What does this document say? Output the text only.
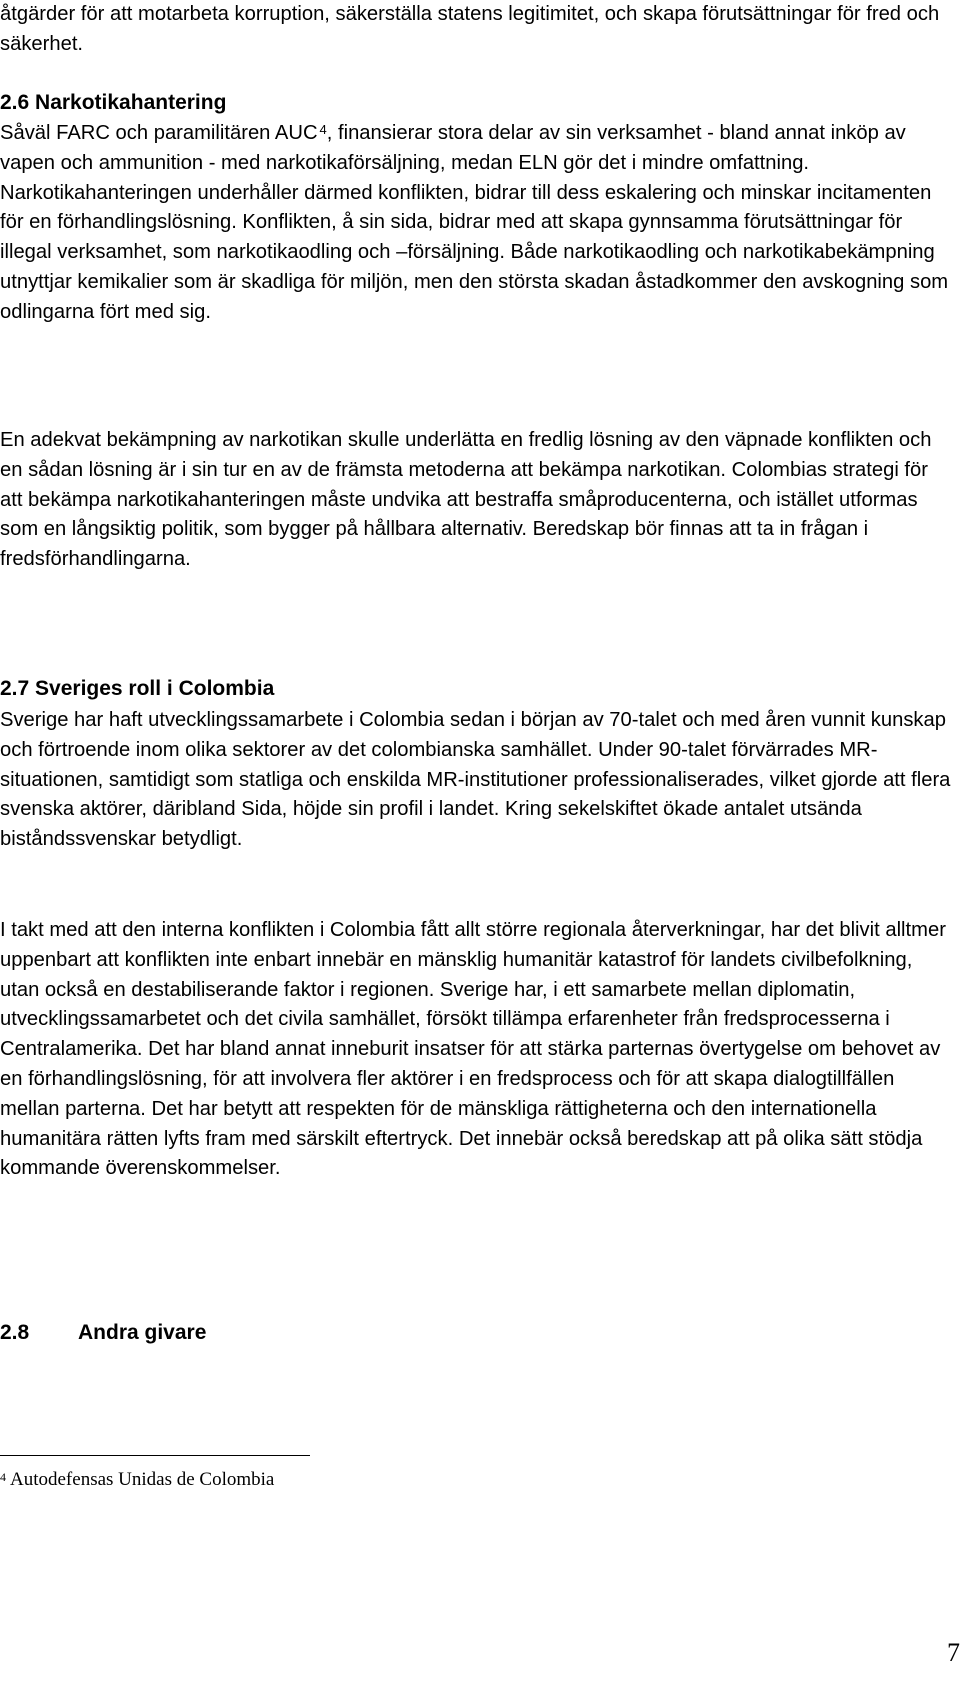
åtgärder för att motarbeta korruption, säkerställa statens legitimitet, och skapa förutsättningar för fred och säkerhet.

2.6 Narkotikahantering

Såväl FARC och paramilitären AUC $^4$, finansierar stora delar av sin verksamhet - bland annat inköp av vapen och ammunition - med narkotikaförsäljning, medan ELN gör det i mindre omfattning. Narkotikahanteringen underhåller därmed konflikten, bidrar till dess eskalering och minskar incitamenten för en förhandlingslösning. Konflikten, å sin sida, bidrar med att skapa gynnsamma förutsättningar för illegal verksamhet, som narkotikaodling och –försäljning. Både narkotikaodling och narkotikabekämpning utnyttjar kemikalier som är skadliga för miljön, men den största skadan åstadkommer den avskogning som odlingarna fört med sig.

En adekvat bekämpning av narkotikan skulle underlätta en fredlig lösning av den väpnade konflikten och en sådan lösning är i sin tur en av de främsta metoderna att bekämpa narkotikan. Colombias strategi för att bekämpa narkotikahanteringen måste undvika att bestraffa småproducenterna, och istället utformas som en långsiktig politik, som bygger på hållbara alternativ. Beredskap bör finnas att ta in frågan i fredsförhandlingarna.

2.7 Sveriges roll i Colombia

Sverige har haft utvecklingssamarbete i Colombia sedan i början av 70-talet och med åren vunnit kunskap och förtroende inom olika sektorer av det colombianska samhället. Under 90-talet förvärrades MR-situationen, samtidigt som statliga och enskilda MR-institutioner professionaliserades, vilket gjorde att flera svenska aktörer, däribland Sida, höjde sin profil i landet. Kring sekelskiftet ökade antalet utsända biståndssvenskar betydligt.

I takt med att den interna konflikten i Colombia fått allt större regionala återverkningar, har det blivit alltmer uppenbart att konflikten inte enbart innebär en mänsklig humanitär katastrof för landets civilbefolkning, utan också en destabiliserande faktor i regionen. Sverige har, i ett samarbete mellan diplomatin, utvecklingssamarbetet och det civila samhället, försökt tillämpa erfarenheter från fredsprocesserna i Centralamerika. Det har bland annat inneburit insatser för att stärka parternas övertygelse om behovet av en förhandlingslösning, för att involvera fler aktörer i en fredsprocess och för att skapa dialogtillfällen mellan parterna. Det har betytt att respekten för de mänskliga rättigheterna och den internationella humanitära rätten lyfts fram med särskilt eftertryck. Det innebär också beredskap att på olika sätt stödja kommande överenskommelser.

2.8 Andra givare
$^4$ Autodefensas Unidas de Colombia
7
